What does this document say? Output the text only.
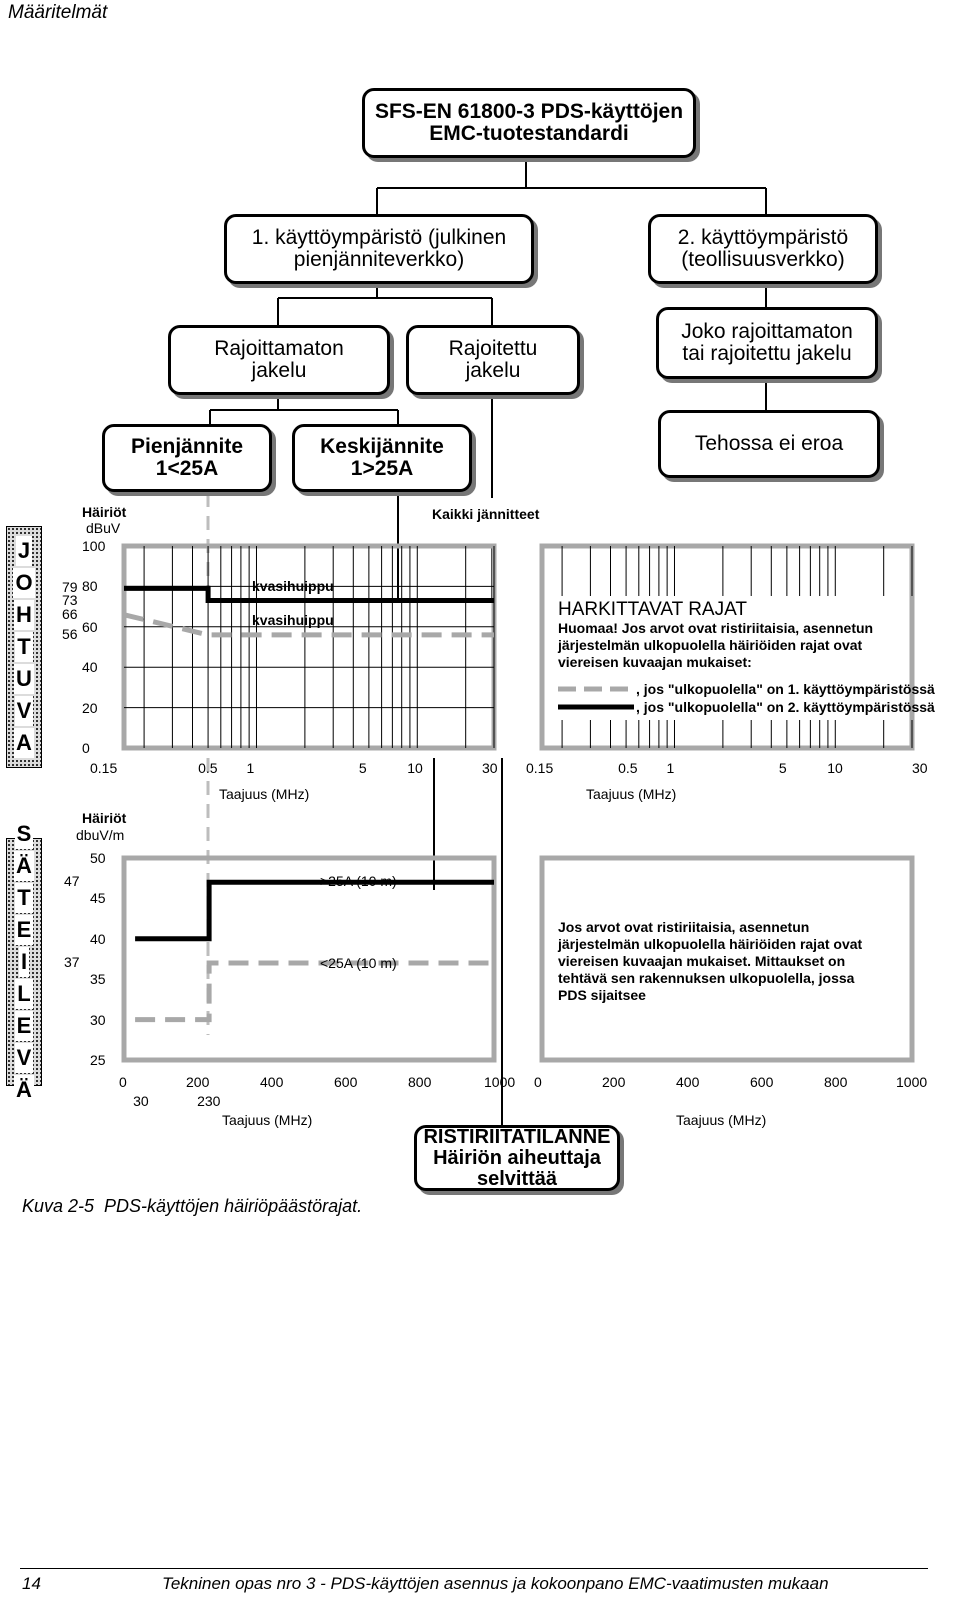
Määritelmät
SFS-EN 61800-3 PDS-käyttöjen
EMC-tuotestandardi
1. käyttöympäristö (julkinen
pienjänniteverkko)
2. käyttöympäristö
(teollisuusverkko)
Rajoittamaton
jakelu
Rajoitettu
jakelu
Joko rajoittamaton
tai rajoitettu jakelu
Pienjännite
1<25A
Keskijännite
1>25A
Tehossa ei eroa
RISTIRIITATILANNE
Häiriön aiheuttaja
selvittää
J
O
H
T
U
V
A
S
Ä
T
E
I
L
E
V
Ä
Kaikki jännitteet
Häiriöt
dBuV
100
80
60
40
20
0
79
73
66
56
0.15	0.5 1	5	10	30
Taajuus (MHz)
kvasihuippu
kvasihuippu
0.15	0.5 1	5	10	30
Taajuus (MHz)
HARKITTAVAT RAJAT
Huomaa! Jos arvot ovat ristiriitaisia, asennetun
järjestelmän ulkopuolella häiriöiden rajat ovat
viereisen kuvaajan mukaiset:
, jos "ulkopuolella" on 1. käyttöympäristössä
, jos "ulkopuolella" on 2. käyttöympäristössä
Häiriöt
dbuV/m
50
45
40
35
30
25
47
37
0	200	400	600	800	1000
30	230
Taajuus (MHz)
>25A (10 m)
<25A (10 m)
0	200	400	600	800	1000
Taajuus (MHz)
Jos arvot ovat ristiriitaisia, asennetun
järjestelmän ulkopuolella häiriöiden rajat ovat
viereisen kuvaajan mukaiset. Mittaukset on
tehtävä sen rakennuksen ulkopuolella, jossa
PDS sijaitsee
Kuva 2-5  PDS-käyttöjen häiriöpäästörajat.
14	Tekninen opas nro 3 - PDS-käyttöjen asennus ja kokoonpano EMC-vaatimusten mukaan
